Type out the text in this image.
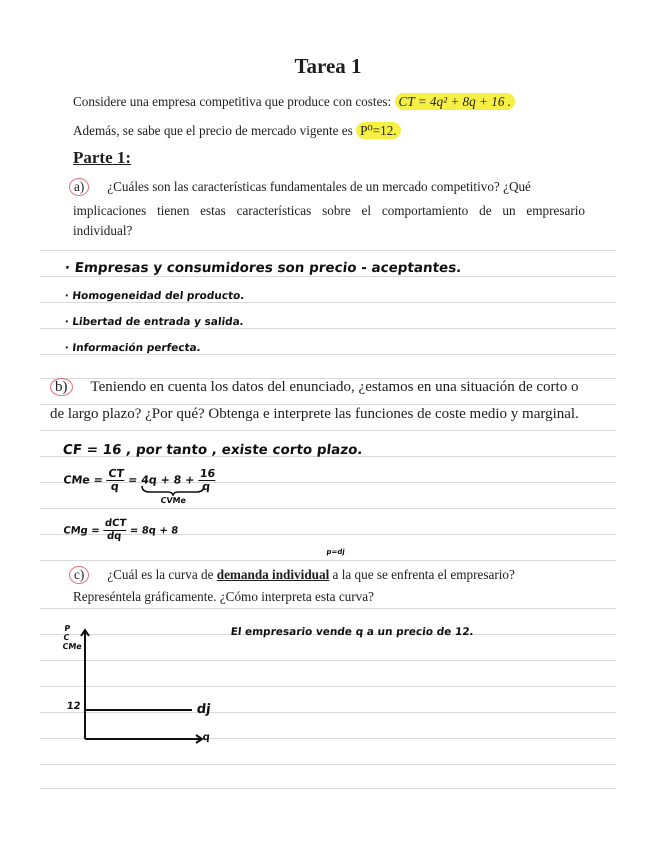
Tarea 1
Considere una empresa competitiva que produce con costes: CT = 4q² + 8q + 16 .
Además, se sabe que el precio de mercado vigente es P⁰=12.
Parte 1:
a) ¿Cuáles son las características fundamentales de un mercado competitivo? ¿Qué
implicaciones tienen estas características sobre el comportamiento de un empresario
individual?
· Empresas y consumidores son precio - aceptantes.
· Homogeneidad del producto.
· Libertad de entrada y salida.
· Información perfecta.
b) Teniendo en cuenta los datos del enunciado, ¿estamos en una situación de corto o
de largo plazo? ¿Por qué? Obtenga e interprete las funciones de coste medio y marginal.
CF = 16 , por tanto , existe corto plazo.
CMe = $\frac{CT}{q} = 4q + 8 + \frac{16}{q}$
CVMe
CMg = $\frac{\text{dCT}}{dq} = 8q + 8$
p=dj
c) ¿Cuál es la curva de demanda individual a la que se enfrenta el empresario?
Represéntela gráficamente. ¿Cómo interpreta esta curva?
El empresario vende q a un precio de 12.
P
C
CMe
12	dj
q
